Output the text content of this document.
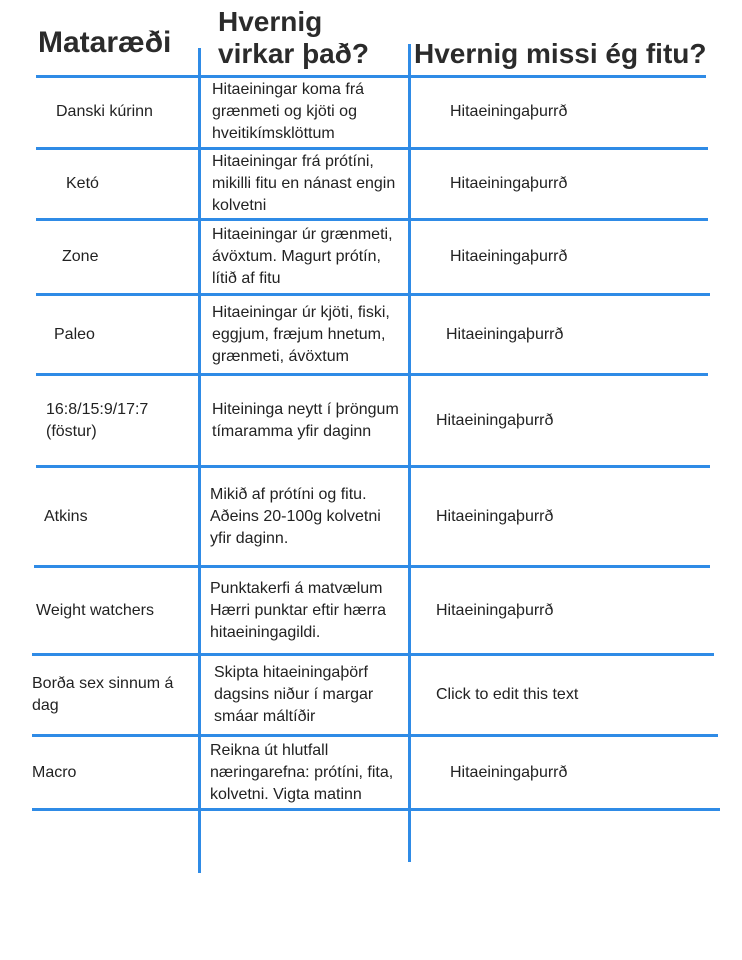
Mataræði
Hvernig
virkar það? Hvernig missi ég fitu?
Danski kúrinn
Hitaeiningar koma frá grænmeti og kjöti og hveitikímsklöttum
Hitaeiningaþurrð
Ketó
Hitaeiningar frá prótíni, mikilli fitu en nánast engin kolvetni
Hitaeiningaþurrð
Zone
Hitaeiningar úr grænmeti, ávöxtum. Magurt prótín, lítið af fitu
Hitaeiningaþurrð
Paleo
Hitaeiningar úr kjöti, fiski, eggjum, fræjum hnetum, grænmeti, ávöxtum
Hitaeiningaþurrð
16:8/15:9/17:7 (föstur)
Hiteininga neytt í þröngum tímaramma yfir daginn
Hitaeiningaþurrð
Atkins
Mikið af prótíni og fitu. Aðeins 20-100g kolvetni yfir daginn.
Hitaeiningaþurrð
Weight watchers
Punktakerfi á matvælum Hærri punktar eftir hærra hitaeiningagildi.
Hitaeiningaþurrð
Borða sex sinnum á dag
Skipta hitaeiningaþörf dagsins niður í margar smáar máltíðir
Click to edit this text
Macro
Reikna út hlutfall næringarefna: prótíni, fita, kolvetni. Vigta matinn
Hitaeiningaþurrð
